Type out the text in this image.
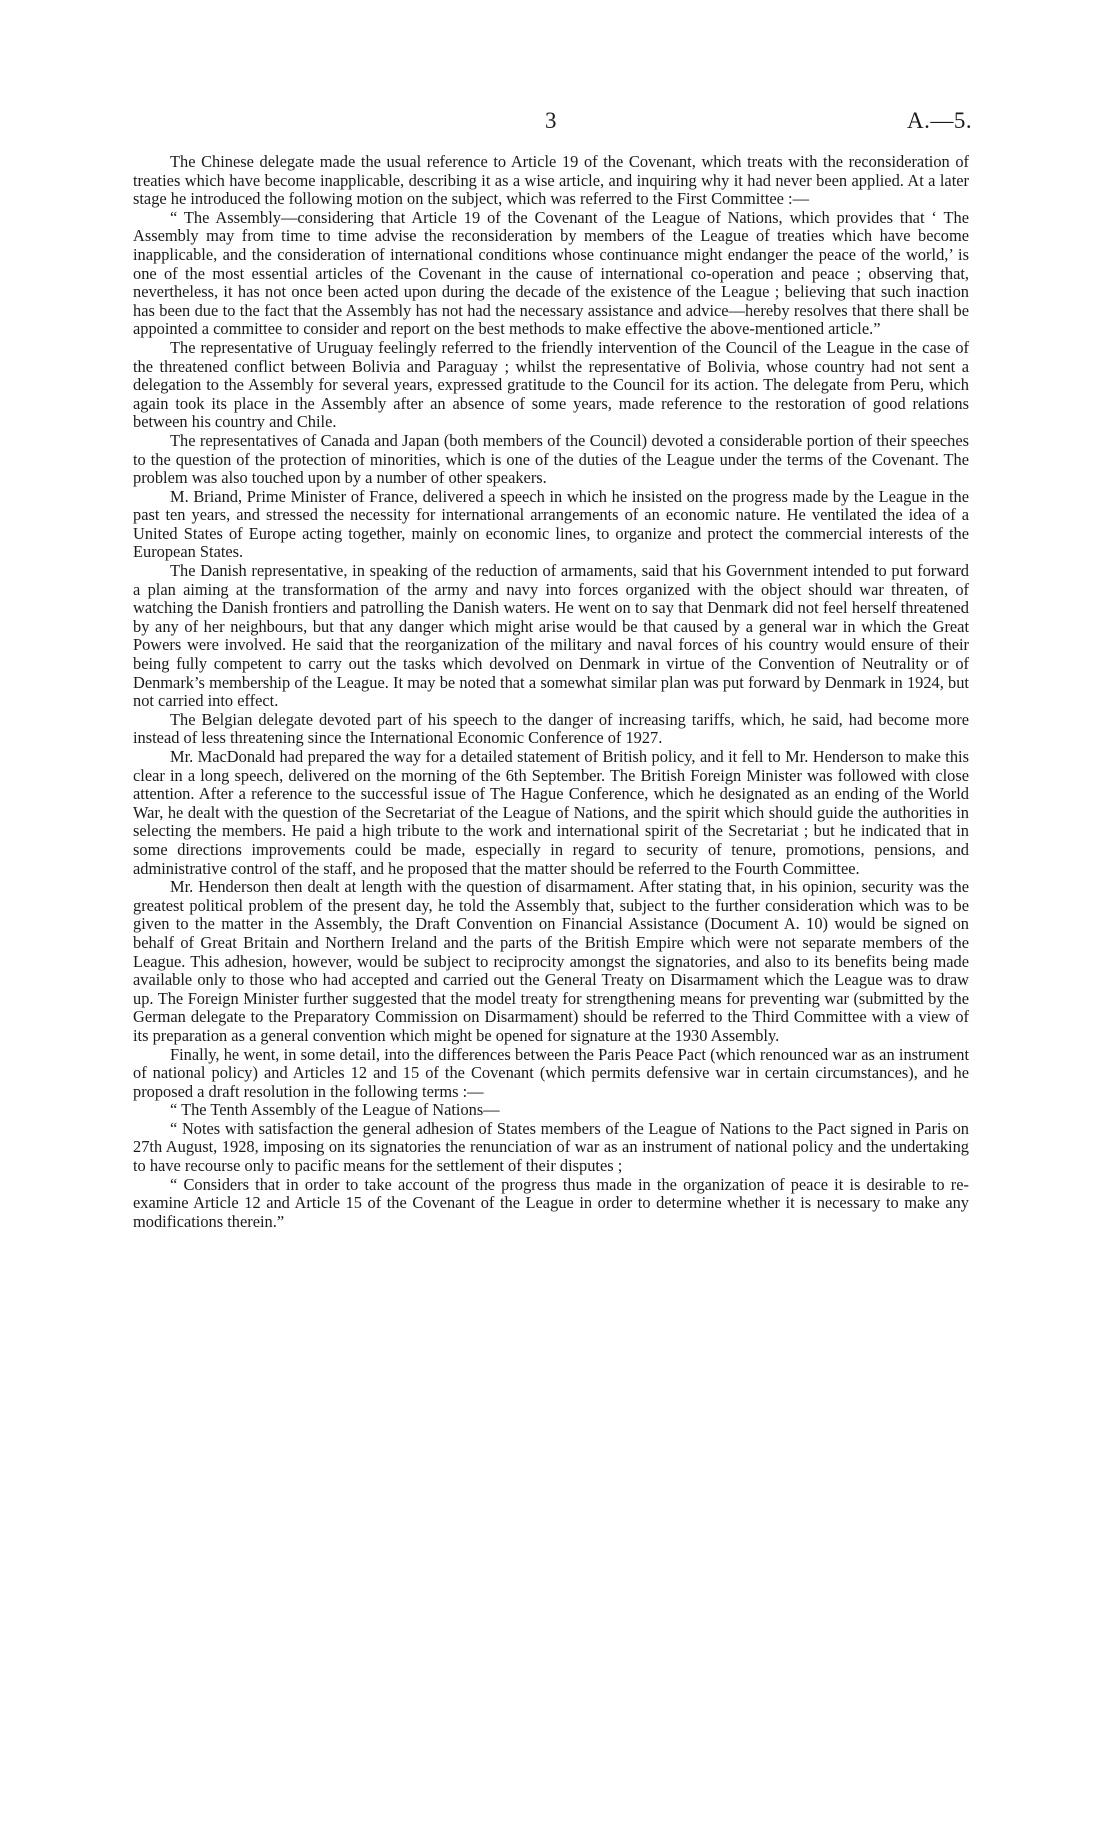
3	A.—5.

The Chinese delegate made the usual reference to Article 19 of the Covenant, which treats with the reconsideration of treaties which have become inapplicable, describing it as a wise article, and inquiring why it had never been applied. At a later stage he introduced the following motion on the subject, which was referred to the First Committee :—

“ The Assembly—considering that Article 19 of the Covenant of the League of Nations, which provides that ‘ The Assembly may from time to time advise the reconsideration by members of the League of treaties which have become inapplicable, and the consideration of international conditions whose continuance might endanger the peace of the world,’ is one of the most essential articles of the Covenant in the cause of international co-operation and peace ; observing that, nevertheless, it has not once been acted upon during the decade of the existence of the League ; believing that such inaction has been due to the fact that the Assembly has not had the necessary assistance and advice—hereby resolves that there shall be appointed a committee to consider and report on the best methods to make effective the above-mentioned article.”

The representative of Uruguay feelingly referred to the friendly intervention of the Council of the League in the case of the threatened conflict between Bolivia and Paraguay ; whilst the representative of Bolivia, whose country had not sent a delegation to the Assembly for several years, expressed gratitude to the Council for its action. The delegate from Peru, which again took its place in the Assembly after an absence of some years, made reference to the restoration of good relations between his country and Chile.

The representatives of Canada and Japan (both members of the Council) devoted a considerable portion of their speeches to the question of the protection of minorities, which is one of the duties of the League under the terms of the Covenant. The problem was also touched upon by a number of other speakers.

M. Briand, Prime Minister of France, delivered a speech in which he insisted on the progress made by the League in the past ten years, and stressed the necessity for international arrangements of an economic nature. He ventilated the idea of a United States of Europe acting together, mainly on economic lines, to organize and protect the commercial interests of the European States.

The Danish representative, in speaking of the reduction of armaments, said that his Government intended to put forward a plan aiming at the transformation of the army and navy into forces organized with the object should war threaten, of watching the Danish frontiers and patrolling the Danish waters. He went on to say that Denmark did not feel herself threatened by any of her neighbours, but that any danger which might arise would be that caused by a general war in which the Great Powers were involved. He said that the reorganization of the military and naval forces of his country would ensure of their being fully competent to carry out the tasks which devolved on Denmark in virtue of the Convention of Neutrality or of Denmark’s membership of the League. It may be noted that a somewhat similar plan was put forward by Denmark in 1924, but not carried into effect.

The Belgian delegate devoted part of his speech to the danger of increasing tariffs, which, he said, had become more instead of less threatening since the International Economic Conference of 1927.

Mr. MacDonald had prepared the way for a detailed statement of British policy, and it fell to Mr. Henderson to make this clear in a long speech, delivered on the morning of the 6th September. The British Foreign Minister was followed with close attention. After a reference to the successful issue of The Hague Conference, which he designated as an ending of the World War, he dealt with the question of the Secretariat of the League of Nations, and the spirit which should guide the authorities in selecting the members. He paid a high tribute to the work and international spirit of the Secretariat ; but he indicated that in some directions improvements could be made, especially in regard to security of tenure, promotions, pensions, and administrative control of the staff, and he proposed that the matter should be referred to the Fourth Committee.

Mr. Henderson then dealt at length with the question of disarmament. After stating that, in his opinion, security was the greatest political problem of the present day, he told the Assembly that, subject to the further consideration which was to be given to the matter in the Assembly, the Draft Convention on Financial Assistance (Document A. 10) would be signed on behalf of Great Britain and Northern Ireland and the parts of the British Empire which were not separate members of the League. This adhesion, however, would be subject to reciprocity amongst the signatories, and also to its benefits being made available only to those who had accepted and carried out the General Treaty on Disarmament which the League was to draw up. The Foreign Minister further suggested that the model treaty for strengthening means for preventing war (submitted by the German delegate to the Preparatory Commission on Disarmament) should be referred to the Third Committee with a view of its preparation as a general convention which might be opened for signature at the 1930 Assembly.

Finally, he went, in some detail, into the differences between the Paris Peace Pact (which renounced war as an instrument of national policy) and Articles 12 and 15 of the Covenant (which permits defensive war in certain circumstances), and he proposed a draft resolution in the following terms :—

“ The Tenth Assembly of the League of Nations—

“ Notes with satisfaction the general adhesion of States members of the League of Nations to the Pact signed in Paris on 27th August, 1928, imposing on its signatories the renunciation of war as an instrument of national policy and the undertaking to have recourse only to pacific means for the settlement of their disputes ;

“ Considers that in order to take account of the progress thus made in the organization of peace it is desirable to re-examine Article 12 and Article 15 of the Covenant of the League in order to determine whether it is necessary to make any modifications therein.”
